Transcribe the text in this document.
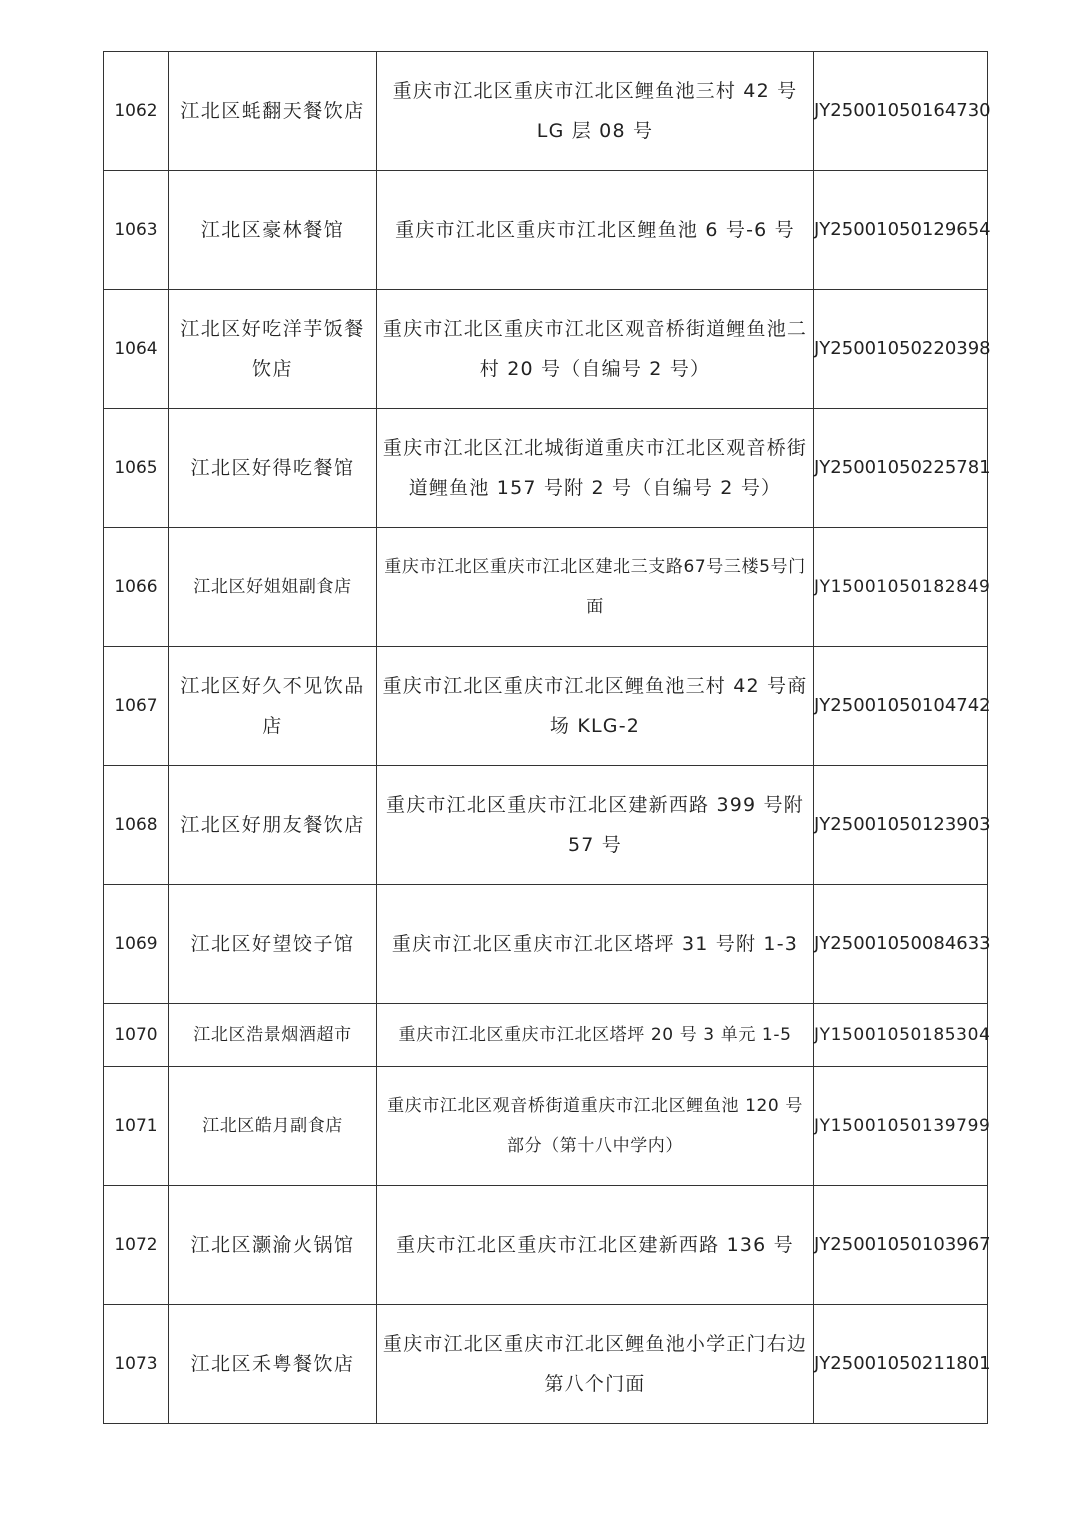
1062	江北区蚝翻天餐饮店	重庆市江北区重庆市江北区鲤鱼池三村 42 号 LG 层 08 号	JY25001050164730
1063	江北区豪林餐馆	重庆市江北区重庆市江北区鲤鱼池 6 号-6 号	JY25001050129654
1064	江北区好吃洋芋饭餐饮店	重庆市江北区重庆市江北区观音桥街道鲤鱼池二村 20 号（自编号 2 号）	JY25001050220398
1065	江北区好得吃餐馆	重庆市江北区江北城街道重庆市江北区观音桥街道鲤鱼池 157 号附 2 号（自编号 2 号）	JY25001050225781
1066	江北区好姐姐副食店	重庆市江北区重庆市江北区建北三支路67号三楼5号门面	JY15001050182849
1067	江北区好久不见饮品店	重庆市江北区重庆市江北区鲤鱼池三村 42 号商场 KLG-2	JY25001050104742
1068	江北区好朋友餐饮店	重庆市江北区重庆市江北区建新西路 399 号附 57 号	JY25001050123903
1069	江北区好望饺子馆	重庆市江北区重庆市江北区塔坪 31 号附 1-3	JY25001050084633
1070	江北区浩景烟酒超市	重庆市江北区重庆市江北区塔坪 20 号 3 单元 1-5	JY15001050185304
1071	江北区皓月副食店	重庆市江北区观音桥街道重庆市江北区鲤鱼池 120 号部分（第十八中学内）	JY15001050139799
1072	江北区灏渝火锅馆	重庆市江北区重庆市江北区建新西路 136 号	JY25001050103967
1073	江北区禾粤餐饮店	重庆市江北区重庆市江北区鲤鱼池小学正门右边第八个门面	JY25001050211801
